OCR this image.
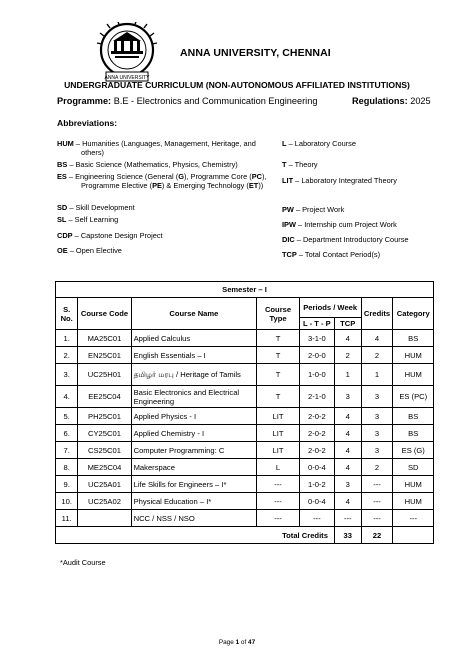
ANNA UNIVERSITY
ANNA UNIVERSITY, CHENNAI
UNDERGRADUATE CURRICULUM (NON-AUTONOMOUS AFFILIATED INSTITUTIONS)
Programme: B.E - Electronics and Communication Engineering	Regulations: 2025
Abbreviations:
HUM – Humanities (Languages, Management, Heritage, and others)
BS – Basic Science (Mathematics, Physics, Chemistry)
ES – Engineering Science (General (G), Programme Core (PC), Programme Elective (PE) & Emerging Technology (ET))
SD – Skill Development
SL – Self Learning
CDP – Capstone Design Project
OE – Open Elective
L – Laboratory Course
T – Theory
LIT – Laboratory Integrated Theory
PW – Project Work
IPW – Internship cum Project Work
DIC – Department Introductory Course
TCP – Total Contact Period(s)
Semester – I							
S. No.	Course Code	Course Name	Course Type	Periods / Week		Credits	Category
				L - T - P	TCP		
1.	MA25C01	Applied Calculus	T	3-1-0	4	4	BS
2.	EN25C01	English Essentials – I	T	2-0-0	2	2	HUM
3.	UC25H01	தமிழர் மரபு / Heritage of Tamils	T	1-0-0	1	1	HUM
4.	EE25C04	Basic Electronics and Electrical Engineering	T	2-1-0	3	3	ES (PC)
5.	PH25C01	Applied Physics - I	LIT	2-0-2	4	3	BS
6.	CY25C01	Applied Chemistry - I	LIT	2-0-2	4	3	BS
7.	CS25C01	Computer Programming: C	LIT	2-0-2	4	3	ES (G)
8.	ME25C04	Makerspace	L	0-0-4	4	2	SD
9.	UC25A01	Life Skills for Engineers – I*	---	1-0-2	3	---	HUM
10.	UC25A02	Physical Education – I*	---	0-0-4	4	---	HUM
11.		NCC / NSS / NSO	---	---	---	---	---
Total Credits					33	22	
*Audit Course
Page 1 of 47
